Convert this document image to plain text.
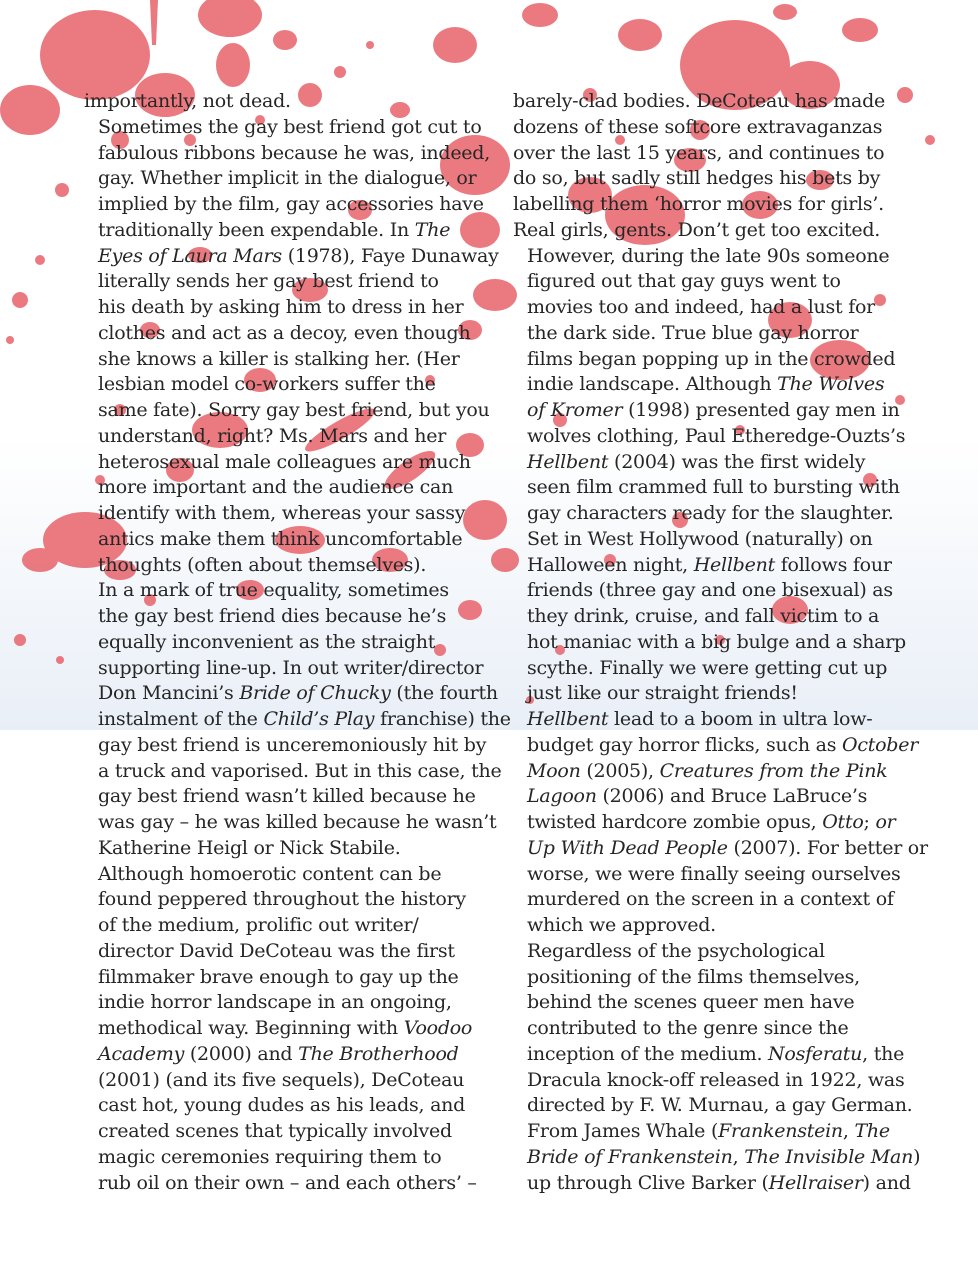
importantly, not dead.

Sometimes the gay best friend got cut to
fabulous ribbons because he was, indeed,
gay. Whether implicit in the dialogue, or
implied by the film, gay accessories have
traditionally been expendable. In The
Eyes of Laura Mars (1978), Faye Dunaway
literally sends her gay best friend to
his death by asking him to dress in her
clothes and act as a decoy, even though
she knows a killer is stalking her. (Her
lesbian model co-workers suffer the
same fate). Sorry gay best friend, but you
understand, right? Ms. Mars and her
heterosexual male colleagues are much
more important and the audience can
identify with them, whereas your sassy
antics make them think uncomfortable
thoughts (often about themselves).

In a mark of true equality, sometimes
the gay best friend dies because he’s
equally inconvenient as the straight
supporting line-up. In out writer/director
Don Mancini’s Bride of Chucky (the fourth
instalment of the Child’s Play franchise) the
gay best friend is unceremoniously hit by
a truck and vaporised. But in this case, the
gay best friend wasn’t killed because he
was gay – he was killed because he wasn’t
Katherine Heigl or Nick Stabile.

Although homoerotic content can be
found peppered throughout the history
of the medium, prolific out writer/
director David DeCoteau was the first
filmmaker brave enough to gay up the
indie horror landscape in an ongoing,
methodical way. Beginning with Voodoo
Academy (2000) and The Brotherhood
(2001) (and its five sequels), DeCoteau
cast hot, young dudes as his leads, and
created scenes that typically involved
magic ceremonies requiring them to
rub oil on their own – and each others’ –

barely-clad bodies. DeCoteau has made
dozens of these softcore extravaganzas
over the last 15 years, and continues to
do so, but sadly still hedges his bets by
labelling them ‘horror movies for girls’.
Real girls, gents. Don’t get too excited.

However, during the late 90s someone
figured out that gay guys went to
movies too and indeed, had a lust for
the dark side. True blue gay horror
films began popping up in the crowded
indie landscape. Although The Wolves
of Kromer (1998) presented gay men in
wolves clothing, Paul Etheredge-Ouzts’s
Hellbent (2004) was the first widely
seen film crammed full to bursting with
gay characters ready for the slaughter.
Set in West Hollywood (naturally) on
Halloween night, Hellbent follows four
friends (three gay and one bisexual) as
they drink, cruise, and fall victim to a
hot maniac with a big bulge and a sharp
scythe. Finally we were getting cut up
just like our straight friends!

Hellbent lead to a boom in ultra low-
budget gay horror flicks, such as October
Moon (2005), Creatures from the Pink
Lagoon (2006) and Bruce LaBruce’s
twisted hardcore zombie opus, Otto; or
Up With Dead People (2007). For better or
worse, we were finally seeing ourselves
murdered on the screen in a context of
which we approved.

Regardless of the psychological
positioning of the films themselves,
behind the scenes queer men have
contributed to the genre since the
inception of the medium. Nosferatu, the
Dracula knock-off released in 1922, was
directed by F. W. Murnau, a gay German.
From James Whale (Frankenstein, The
Bride of Frankenstein, The Invisible Man)
up through Clive Barker (Hellraiser) and
